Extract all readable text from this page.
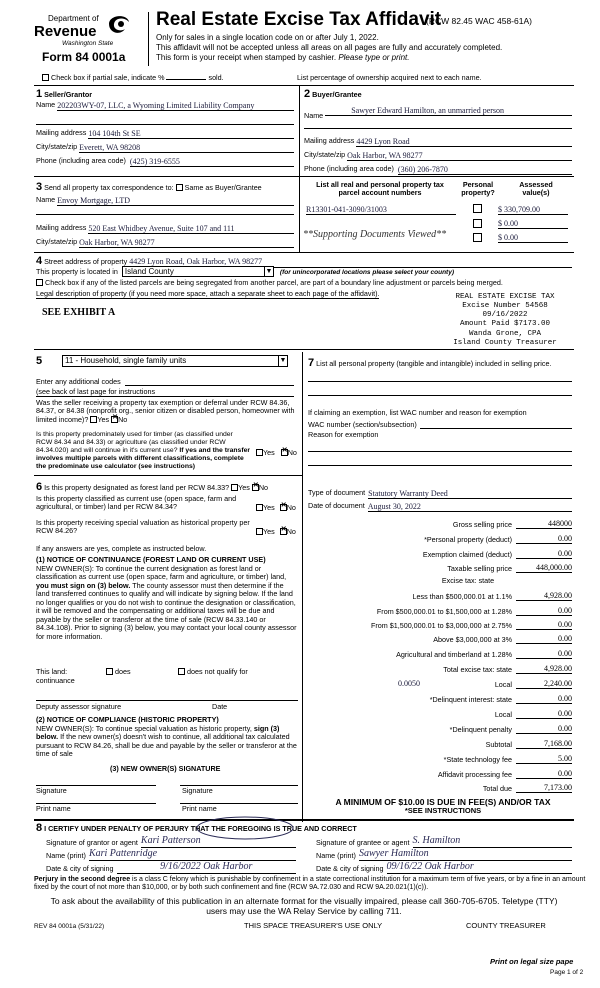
Department of
Revenue
Washington State
Form 84 0001a
Real Estate Excise Tax Affidavit
(RCW 82.45 WAC 458-61A)
Only for sales in a single location code on or after July 1, 2022.
This affidavit will not be accepted unless all areas on all pages are fully and accurately completed.
This form is your receipt when stamped by cashier. Please type or print.
Check box if partial sale, indicate %	sold.	List percentage of ownership acquired next to each name.
1 Seller/Grantor
Name 202203WY-07, LLC, a Wyoming Limited Liability Company
Mailing address 104 104th St SE
City/state/zip Everett, WA 98208
Phone (including area code) (425) 319-6555
2 Buyer/Grantee
Name
Sawyer Edward Hamilton, an unmarried person
Mailing address 4429 Lyon Road
City/state/zip Oak Harbor, WA 98277
Phone (including area code) (360) 206-7870
3 Send all property tax correspondence to: Same as Buyer/Grantee
Name Envoy Mortgage, LTD
Mailing address 520 East Whidbey Avenue, Suite 107 and 111
City/state/zip Oak Harbor, WA 98277
List all real and personal property tax parcel account numbers
Personal property?
Assessed value(s)
R13301-041-3090/31003	$ 330,709.00
$ 0.00
**Supporting Documents Viewed**	$ 0.00
4 Street address of property 4429 Lyon Road, Oak Harbor, WA 98277
This property is located in Island County	▼ (for unincorporated locations please select your county)
Check box if any of the listed parcels are being segregated from another parcel, are part of a boundary line adjustment or parcels being merged.
Legal description of property (if you need more space, attach a separate sheet to each page of the affidavit).
SEE EXHIBIT A
REAL ESTATE EXCISE TAX
Excise Number 54568
09/16/2022
Amount Paid $7173.00
Wanda Grone, CPA
Island County Treasurer
5	11 - Household, single family units	▼
Enter any additional codes
(see back of last page for instructions
Was the seller receiving a property tax exemption or deferral under RCW 84.36, 84.37, or 84.38 (nonprofit org., senior citizen or disabled person, homeowner with limited income)? Yes ✕ No
Is this property predominately used for timber (as classified under RCW 84.34 and 84.33) or agriculture (as classified under RCW 84.34.020) and will continue in it's current use? If yes and the transfer involves multiple parcels with different classifications, complete the predominate use calculator (see instructions)
Yes ✕ No
7 List all personal property (tangible and intangible) included in selling price.
If claiming an exemption, list WAC number and reason for exemption
WAC number (section/subsection)
Reason for exemption
6 Is this property designated as forest land per RCW 84.33? Yes ✕ No
Is this property classified as current use (open space, farm and agricultural, or timber) land per RCW 84.34?	Yes ✕ No
Is this property receiving special valuation as historical property per RCW 84.26?	Yes ✕ No
If any answers are yes, complete as instructed below.
(1) NOTICE OF CONTINUANCE (FOREST LAND OR CURRENT USE)
NEW OWNER(S): To continue the current designation as forest land or classification as current use (open space, farm and agriculture, or timber) land, you must sign on (3) below. The county assessor must then determine if the land transferred continues to qualify and will indicate by signing below. If the land no longer qualifies or you do not wish to continue the designation or classification, it will be removed and the compensating or additional taxes will be due and payable by the seller or transferor at the time of sale (RCW 84.33.140 or 84.34.108). Prior to signing (3) below, you may contact your local county assessor for more information.
This land:	does	does not qualify for
continuance
Deputy assessor signature	Date
(2) NOTICE OF COMPLIANCE (HISTORIC PROPERTY)
NEW OWNER(S): To continue special valuation as historic property, sign (3) below. If the new owner(s) doesn't wish to continue, all additional tax calculated pursuant to RCW 84.26, shall be due and payable by the seller or transferor at the time of sale
(3) NEW OWNER(S) SIGNATURE
Signature	Signature
Print name	Print name
Type of document Statutory Warranty Deed
Date of document August 30, 2022
Gross selling price	448000
*Personal property (deduct)	0.00
Exemption claimed (deduct)	0.00
Taxable selling price	448,000.00
Excise tax: state
Less than $500,000.01 at 1.1%	4,928.00
From $500,000.01 to $1,500,000 at 1.28%	0.00
From $1,500,000.01 to $3,000,000 at 2.75%	0.00
Above $3,000,000 at 3%	0.00
Agricultural and timberland at 1.28%	0.00
Total excise tax: state	4,928.00
0.0050	Local	2,240.00
*Delinquent interest: state	0.00
Local	0.00
*Delinquent penalty	0.00
Subtotal	7,168.00
*State technology fee	5.00
Affidavit processing fee	0.00
Total due	7,173.00
A MINIMUM OF $10.00 IS DUE IN FEE(S) AND/OR TAX
*SEE INSTRUCTIONS
8 I CERTIFY UNDER PENALTY OF PERJURY THAT THE FOREGOING IS TRUE AND CORRECT
Signature of grantor or agent Kari Patterson
Name (print) Kari Pattenridge
Date & city of signing	9/16/2022 Oak Harbor
Signature of grantee or agent S. Hamilton
Name (print) Sawyer Hamilton
Date & city of signing 09/16/22 Oak Harbor
Perjury in the second degree is a class C felony which is punishable by confinement in a state correctional institution for a maximum term of five years, or by a fine in an amount fixed by the court of not more than $10,000, or by both such confinement and fine (RCW 9A.72.030 and RCW 9A.20.021(1)(c)).
To ask about the availability of this publication in an alternate format for the visually impaired, please call 360-705-6705. Teletype (TTY) users may use the WA Relay Service by calling 711.
REV 84 0001a (5/31/22)	THIS SPACE TREASURER'S USE ONLY	COUNTY TREASURER
Print on legal size pape
Page 1 of 2
